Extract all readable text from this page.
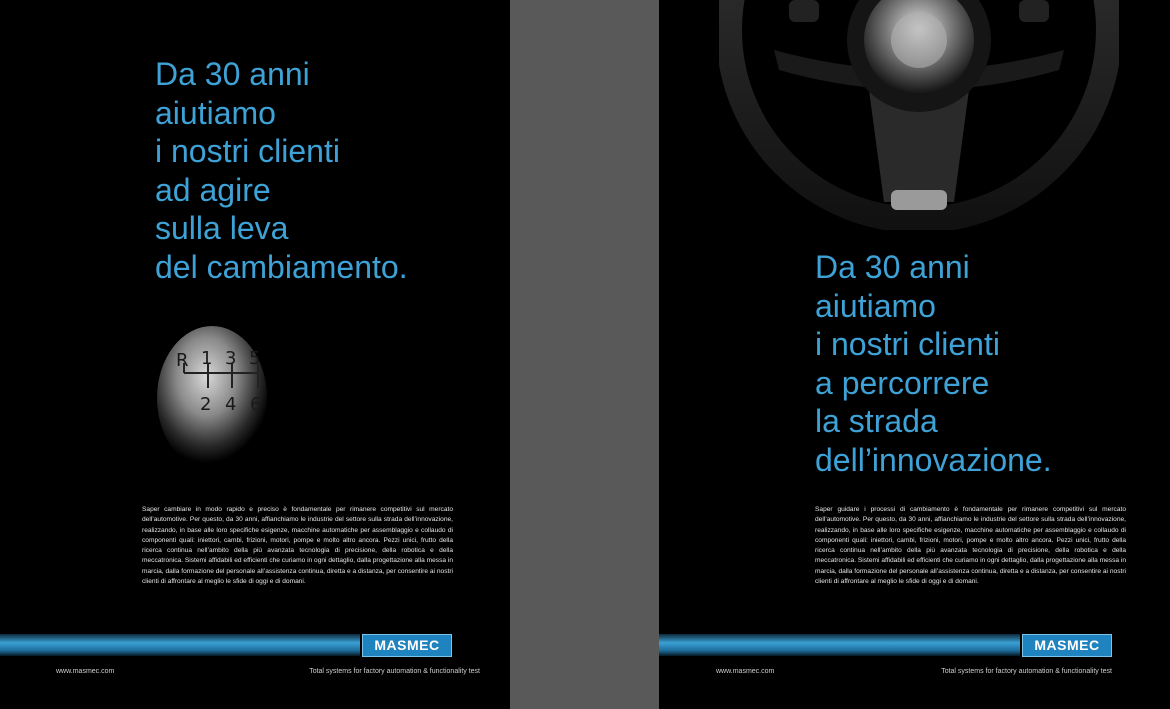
Da 30 anni
aiutiamo
i nostri clienti
ad agire
sulla leva
del cambiamento.
R 1 3 5
2 4 6

Saper cambiare in modo rapido e preciso è fondamentale per rimanere competitivi sul mercato dell’automotive. Per questo, da 30 anni, affianchiamo le industrie del settore sulla strada dell’innovazione, realizzando, in base alle loro specifiche esigenze, macchine automatiche per assemblaggio e collaudo di componenti quali: iniettori, cambi, frizioni, motori, pompe e molto altro ancora. Pezzi unici, frutto della ricerca continua nell’ambito della più avanzata tecnologia di precisione, della robotica e della meccatronica. Sistemi affidabili ed efficienti che curiamo in ogni dettaglio, dalla progettazione alla messa in marcia, dalla formazione del personale all’assistenza continua, diretta e a distanza, per consentire ai nostri clienti di affrontare al meglio le sfide di oggi e di domani.

MASMEC
www.masmec.com	Total systems for factory automation & functionality test
Da 30 anni
aiutiamo
i nostri clienti
a percorrere
la strada
dell’innovazione.

Saper guidare i processi di cambiamento è fondamentale per rimanere competitivi sul mercato dell’automotive. Per questo, da 30 anni, affianchiamo le industrie del settore sulla strada dell’innovazione, realizzando, in base alle loro specifiche esigenze, macchine automatiche per assemblaggio e collaudo di componenti quali: iniettori, cambi, frizioni, motori, pompe e molto altro ancora. Pezzi unici, frutto della ricerca continua nell’ambito della più avanzata tecnologia di precisione, della robotica e della meccatronica. Sistemi affidabili ed efficienti che curiamo in ogni dettaglio, dalla progettazione alla messa in marcia, dalla formazione del personale all’assistenza continua, diretta e a distanza, per consentire ai nostri clienti di affrontare al meglio le sfide di oggi e di domani.

MASMEC
www.masmec.com	Total systems for factory automation & functionality test
